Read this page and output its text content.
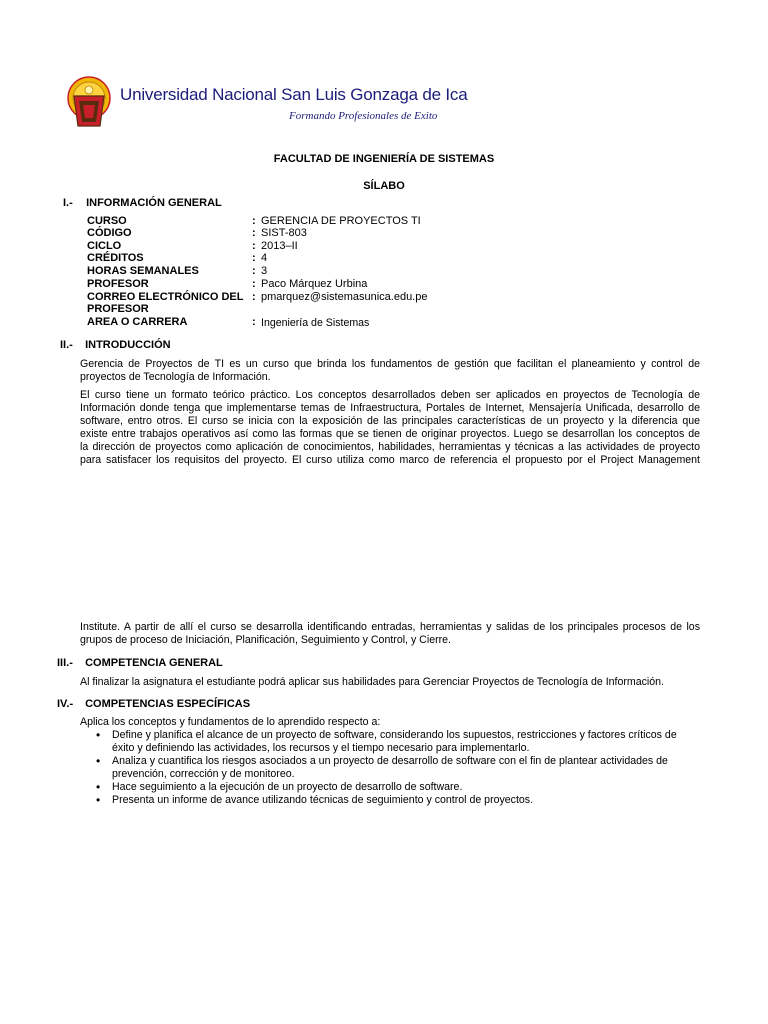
Universidad Nacional San Luis Gonzaga de Ica
Formando Profesionales de Exito
FACULTAD DE INGENIERÍA DE SISTEMAS
SÍLABO
I.- INFORMACIÓN GENERAL
CURSO	: GERENCIA DE PROYECTOS TI
CÓDIGO	: SIST-803
CICLO	: 2013–II
CRÉDITOS	: 4
HORAS SEMANALES	: 3
PROFESOR	: Paco Márquez Urbina
CORREO ELECTRÓNICO DEL
PROFESOR
: pmarquez@sistemasunica.edu.pe
AREA O CARRERA	: Ingeniería de Sistemas
II.- INTRODUCCIÓN
Gerencia de Proyectos de TI es un curso que brinda los fundamentos de gestión que facilitan el planeamiento y control de
proyectos de Tecnología de Información.
El curso tiene un formato teórico práctico. Los conceptos desarrollados deben ser aplicados en proyectos de Tecnología de
Información donde tenga que implementarse temas de Infraestructura, Portales de Internet, Mensajería Unificada, desarrollo de
software, entro otros. El curso se inicia con la exposición de las principales características de un proyecto y la diferencia que
existe entre trabajos operativos así como las formas que se tienen de originar proyectos. Luego se desarrollan los conceptos de
la dirección de proyectos como aplicación de conocimientos, habilidades, herramientas y técnicas a las actividades de proyecto
para satisfacer los requisitos del proyecto. El curso utiliza como marco de referencia el propuesto por el Project Management
Institute. A partir de allí el curso se desarrolla identificando entradas, herramientas y salidas de los principales procesos de los
grupos de proceso de Iniciación, Planificación, Seguimiento y Control, y Cierre.
III.- COMPETENCIA GENERAL
Al finalizar la asignatura el estudiante podrá aplicar sus habilidades para Gerenciar Proyectos de Tecnología de Información.
IV.- COMPETENCIAS ESPECÍFICAS
Aplica los conceptos y fundamentos de lo aprendido respecto a:
• Define y planifica el alcance de un proyecto de software, considerando los supuestos, restricciones y factores críticos de
éxito y definiendo las actividades, los recursos y el tiempo necesario para implementarlo.
• Analiza y cuantifica los riesgos asociados a un proyecto de desarrollo de software con el fin de plantear actividades de
prevención, corrección y de monitoreo.
• Hace seguimiento a la ejecución de un proyecto de desarrollo de software.
• Presenta un informe de avance utilizando técnicas de seguimiento y control de proyectos.
